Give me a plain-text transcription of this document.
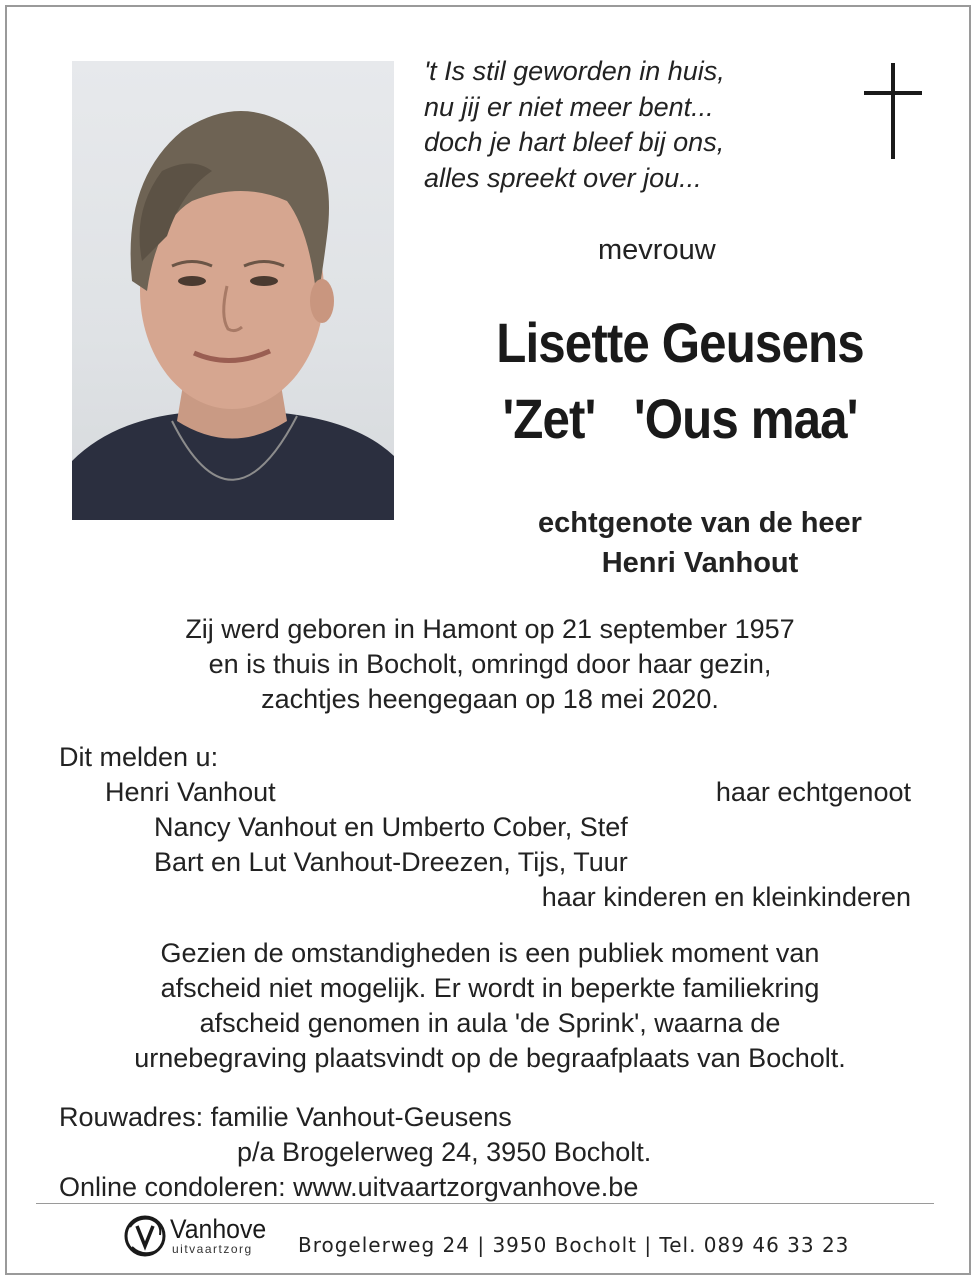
't Is stil geworden in huis,
nu jij er niet meer bent...
doch je hart bleef bij ons,
alles spreekt over jou...
mevrouw
Lisette Geusens
'Zet'   'Ous maa'
echtgenote van de heer
Henri Vanhout
Zij werd geboren in Hamont op 21 september 1957
en is thuis in Bocholt, omringd door haar gezin,
zachtjes heengegaan op 18 mei 2020.
Dit melden u:
Henri Vanhout	haar echtgenoot
Nancy Vanhout en Umberto Cober, Stef
Bart en Lut Vanhout-Dreezen, Tijs, Tuur
haar kinderen en kleinkinderen
Gezien de omstandigheden is een publiek moment van
afscheid niet mogelijk. Er wordt in beperkte familiekring
afscheid genomen in aula 'de Sprink', waarna de
urnebegraving plaatsvindt op de begraafplaats van Bocholt.
Rouwadres: familie Vanhout-Geusens
p/a Brogelerweg 24, 3950 Bocholt.
Online condoleren: www.uitvaartzorgvanhove.be
Vanhove
uitvaartzorg Brogelerweg 24 | 3950 Bocholt | Tel. 089 46 33 23
